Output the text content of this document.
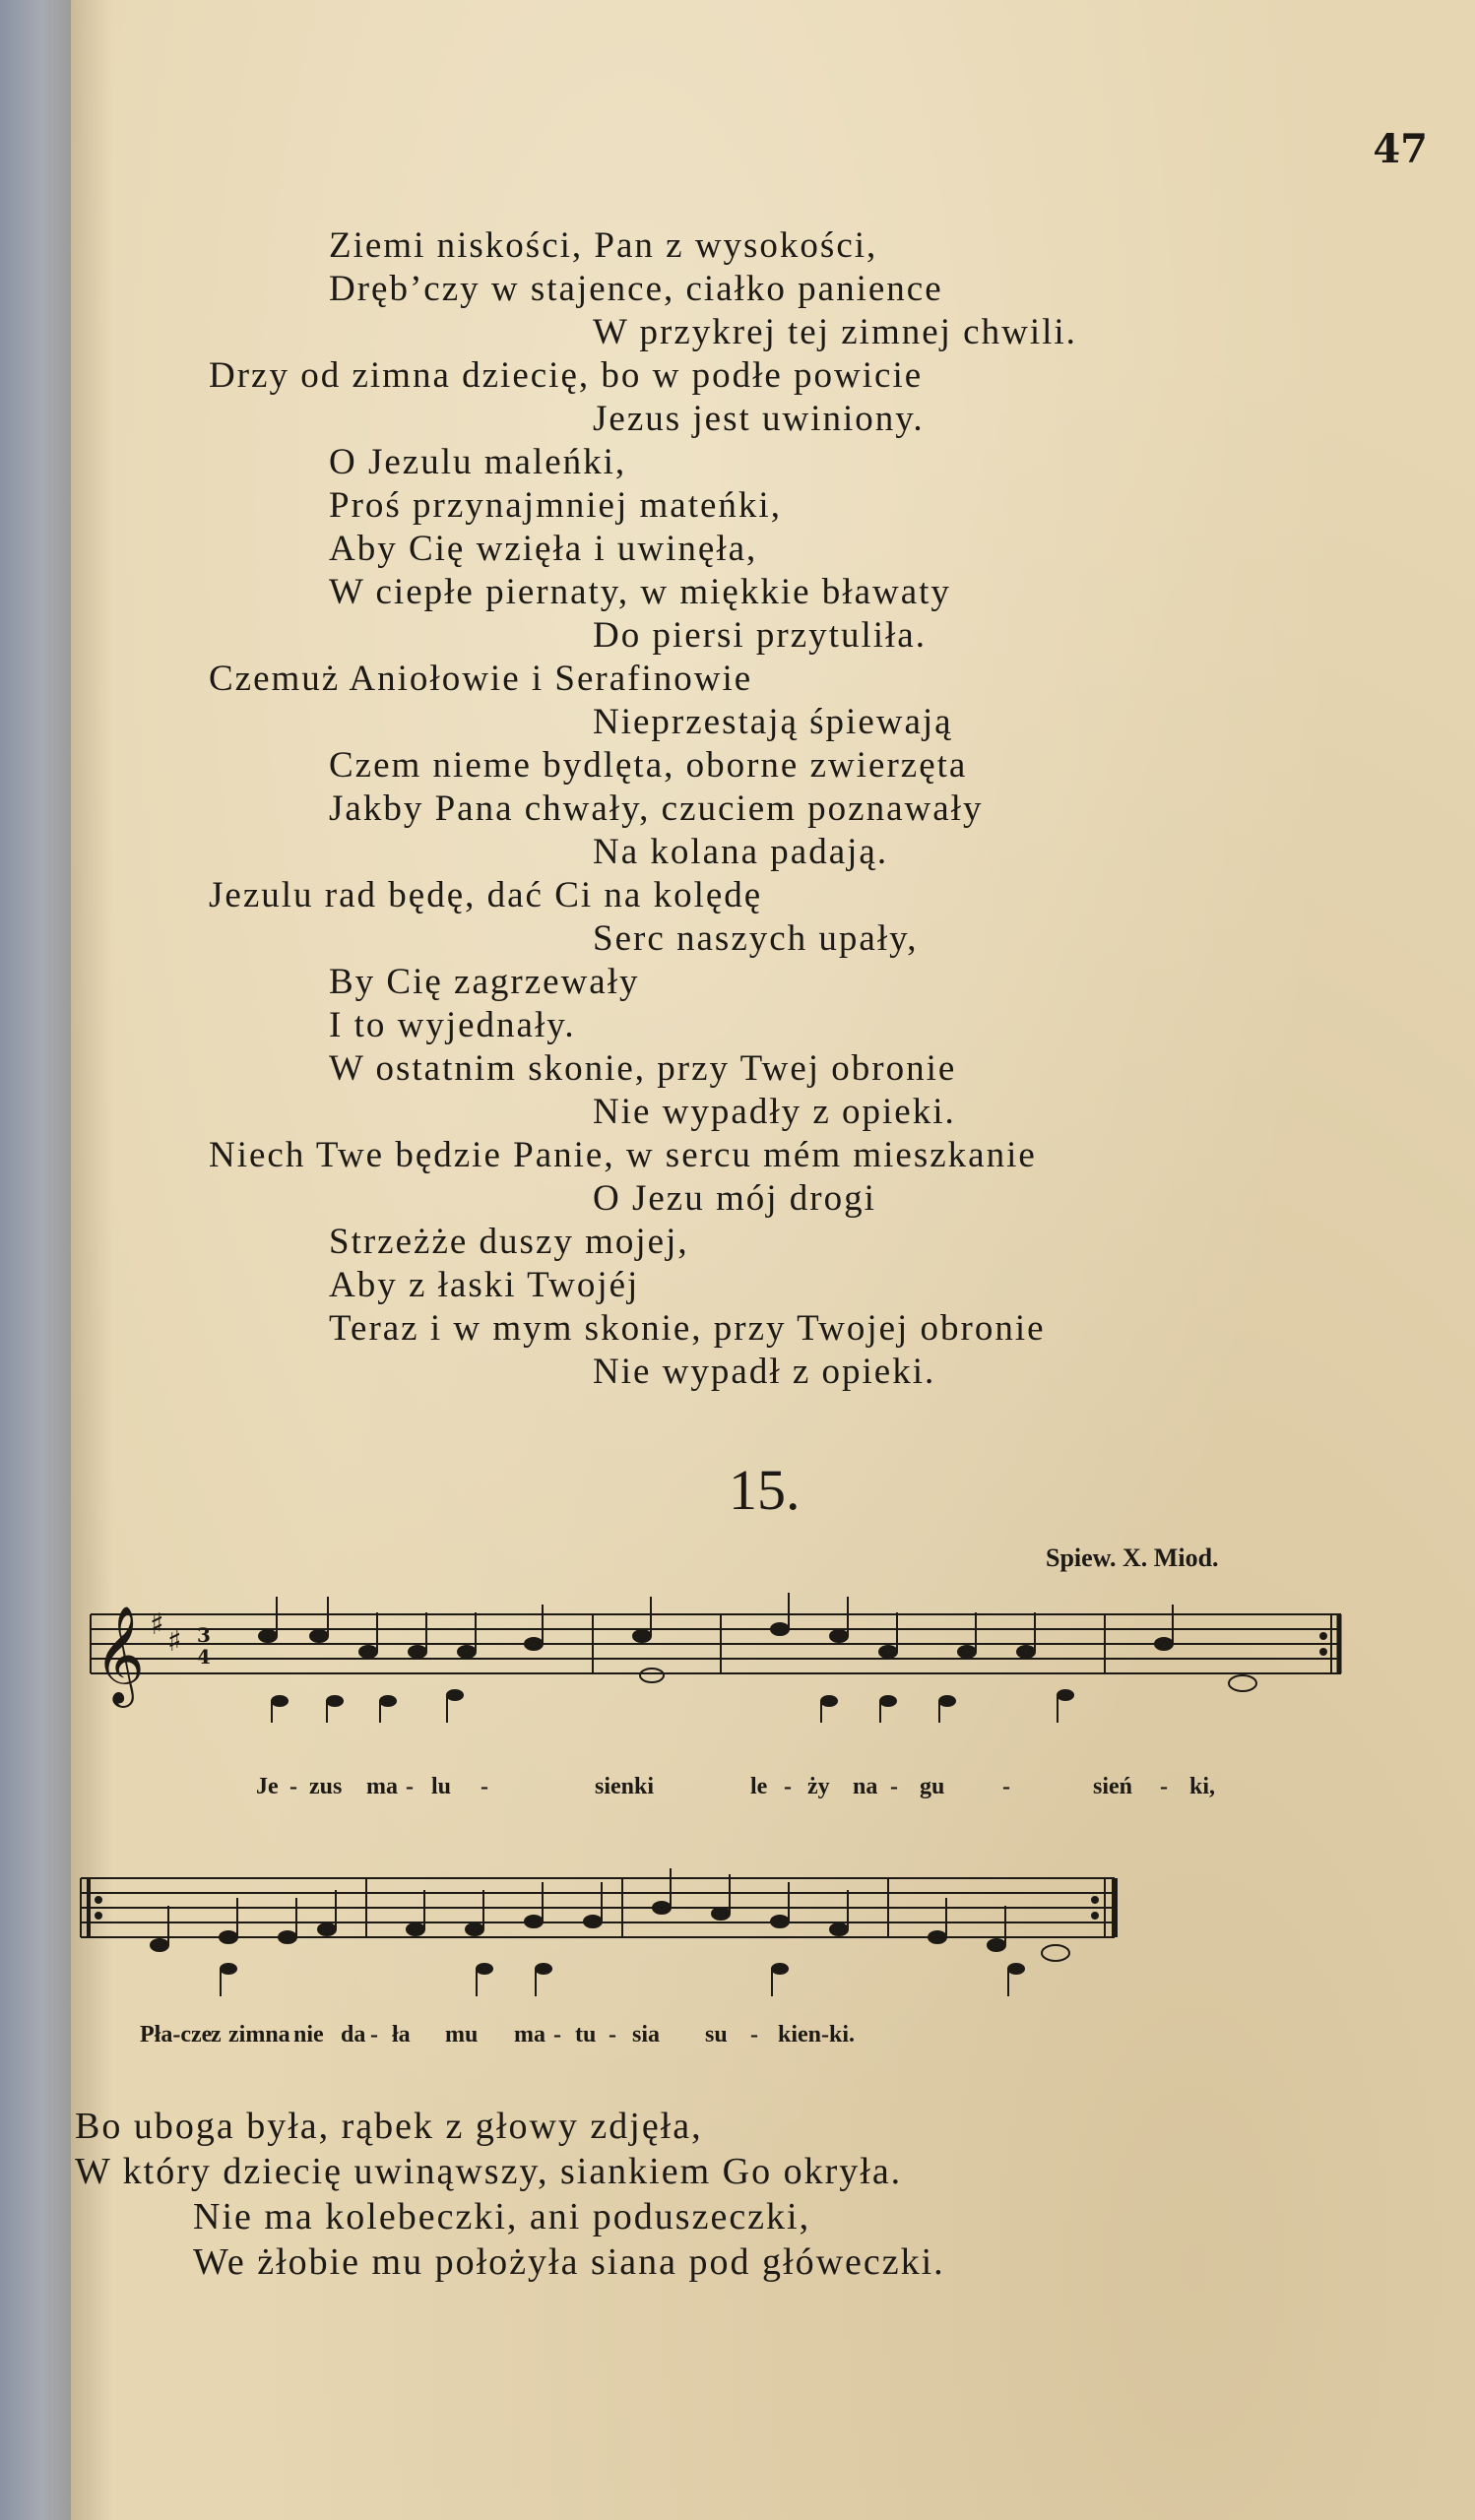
47
Ziemi niskości, Pan z wysokości,
Drębʼczy w stajence, ciałko panience
W przykrej tej zimnej chwili.
Drzy od zimna dziecię, bo w podłe powicie
Jezus jest uwiniony.
O Jezulu maleńki,
Proś przynajmniej mateńki,
Aby Cię wzięła i uwinęła,
W ciepłe piernaty, w miękkie bławaty
Do piersi przytuliła.
Czemuż Aniołowie i Serafinowie
Nieprzestają śpiewają
Czem nieme bydlęta, oborne zwierzęta
Jakby Pana chwały, czuciem poznawały
Na kolana padają.
Jezulu rad będę, dać Ci na kolędę
Serc naszych upały,
By Cię zagrzewały
I to wyjednały.
W ostatnim skonie, przy Twej obronie
Nie wypadły z opieki.
Niech Twe będzie Panie, w sercu mém mieszkanie
O Jezu mój drogi
Strzeżże duszy mojej,
Aby z łaski Twojéj
Teraz i w mym skonie, przy Twojej obronie
Nie wypadł z opieki.
15.
Spiew. X. Miod.
𝄞 ♯ ♯ 3
4
Je - zus ma - lu -	sienki	le - ży na - gu -	sień - ki,
Pła-cze
z zimna nie da - ła mu ma - tu - sia su - kien-ki.
Bo uboga była, rąbek z głowy zdjęła,
W który dziecię uwinąwszy, siankiem Go okryła.
Nie ma kolebeczki, ani poduszeczki,
We żłobie mu położyła siana pod główeczki.
